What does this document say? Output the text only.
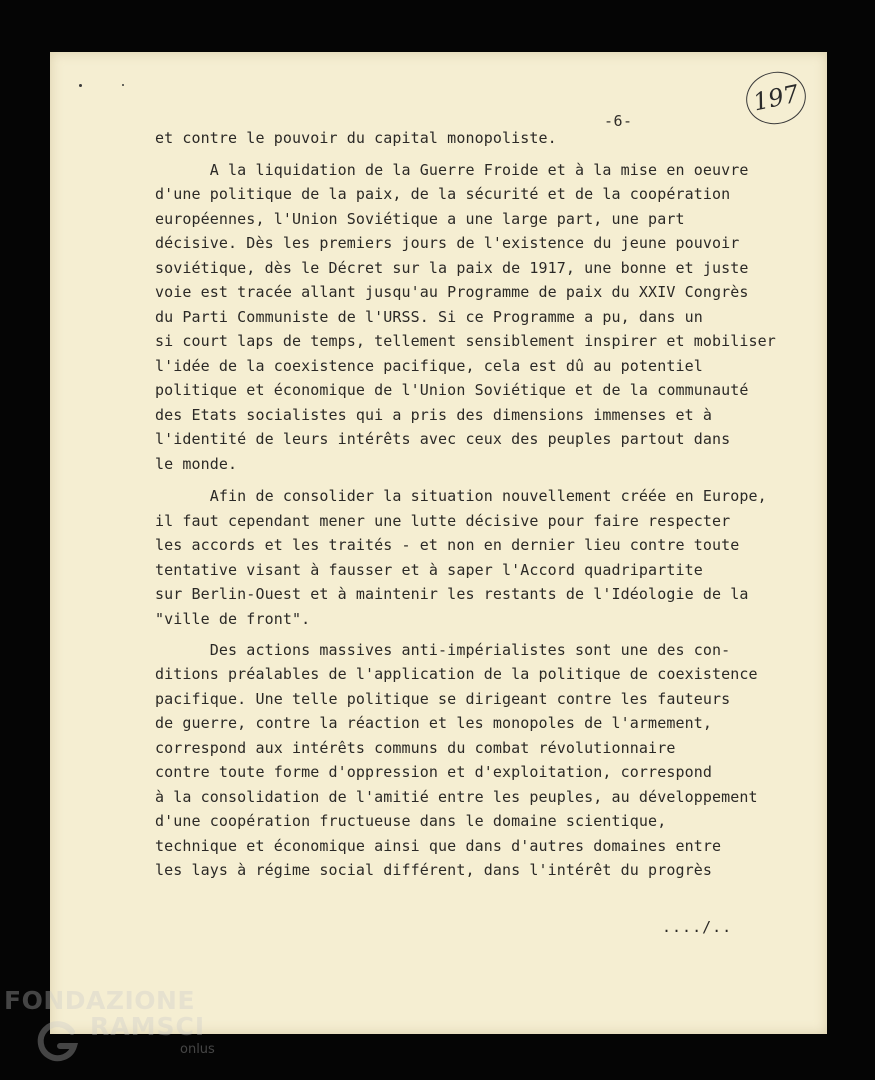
197
-6-
et contre le pouvoir du capital monopoliste.
A la liquidation de la Guerre Froide et à la mise en oeuvre
d'une politique de la paix, de la sécurité et de la coopération
européennes, l'Union Soviétique a une large part, une part
décisive. Dès les premiers jours de l'existence du jeune pouvoir
soviétique, dès le Décret sur la paix de 1917, une bonne et juste
voie est tracée allant jusqu'au Programme de paix du XXIV Congrès
du Parti Communiste de l'URSS. Si ce Programme a pu, dans un
si court laps de temps, tellement sensiblement inspirer et mobiliser
l'idée de la coexistence pacifique, cela est dû au potentiel
politique et économique de l'Union Soviétique et de la communauté
des Etats socialistes qui a pris des dimensions immenses et à
l'identité de leurs intérêts avec ceux des peuples partout dans
le monde.
Afin de consolider la situation nouvellement créée en Europe,
il faut cependant mener une lutte décisive pour faire respecter
les accords et les traités - et non en dernier lieu contre toute
tentative visant à fausser et à saper l'Accord quadripartite
sur Berlin-Ouest et à maintenir les restants de l'Idéologie de la
"ville de front".
Des actions massives anti-impérialistes sont une des con-
ditions préalables de l'application de la politique de coexistence
pacifique. Une telle politique se dirigeant contre les fauteurs
de guerre, contre la réaction et les monopoles de l'armement,
correspond aux intérêts communs du combat révolutionnaire
contre toute forme d'oppression et d'exploitation, correspond
à la consolidation de l'amitié entre les peuples, au développement
d'une coopération fructueuse dans le domaine scientique,
technique et économique ainsi que dans d'autres domaines entre
les lays à régime social différent, dans l'intérêt du progrès
..../..
FONDAZIONE
RAMSCI
onlus
